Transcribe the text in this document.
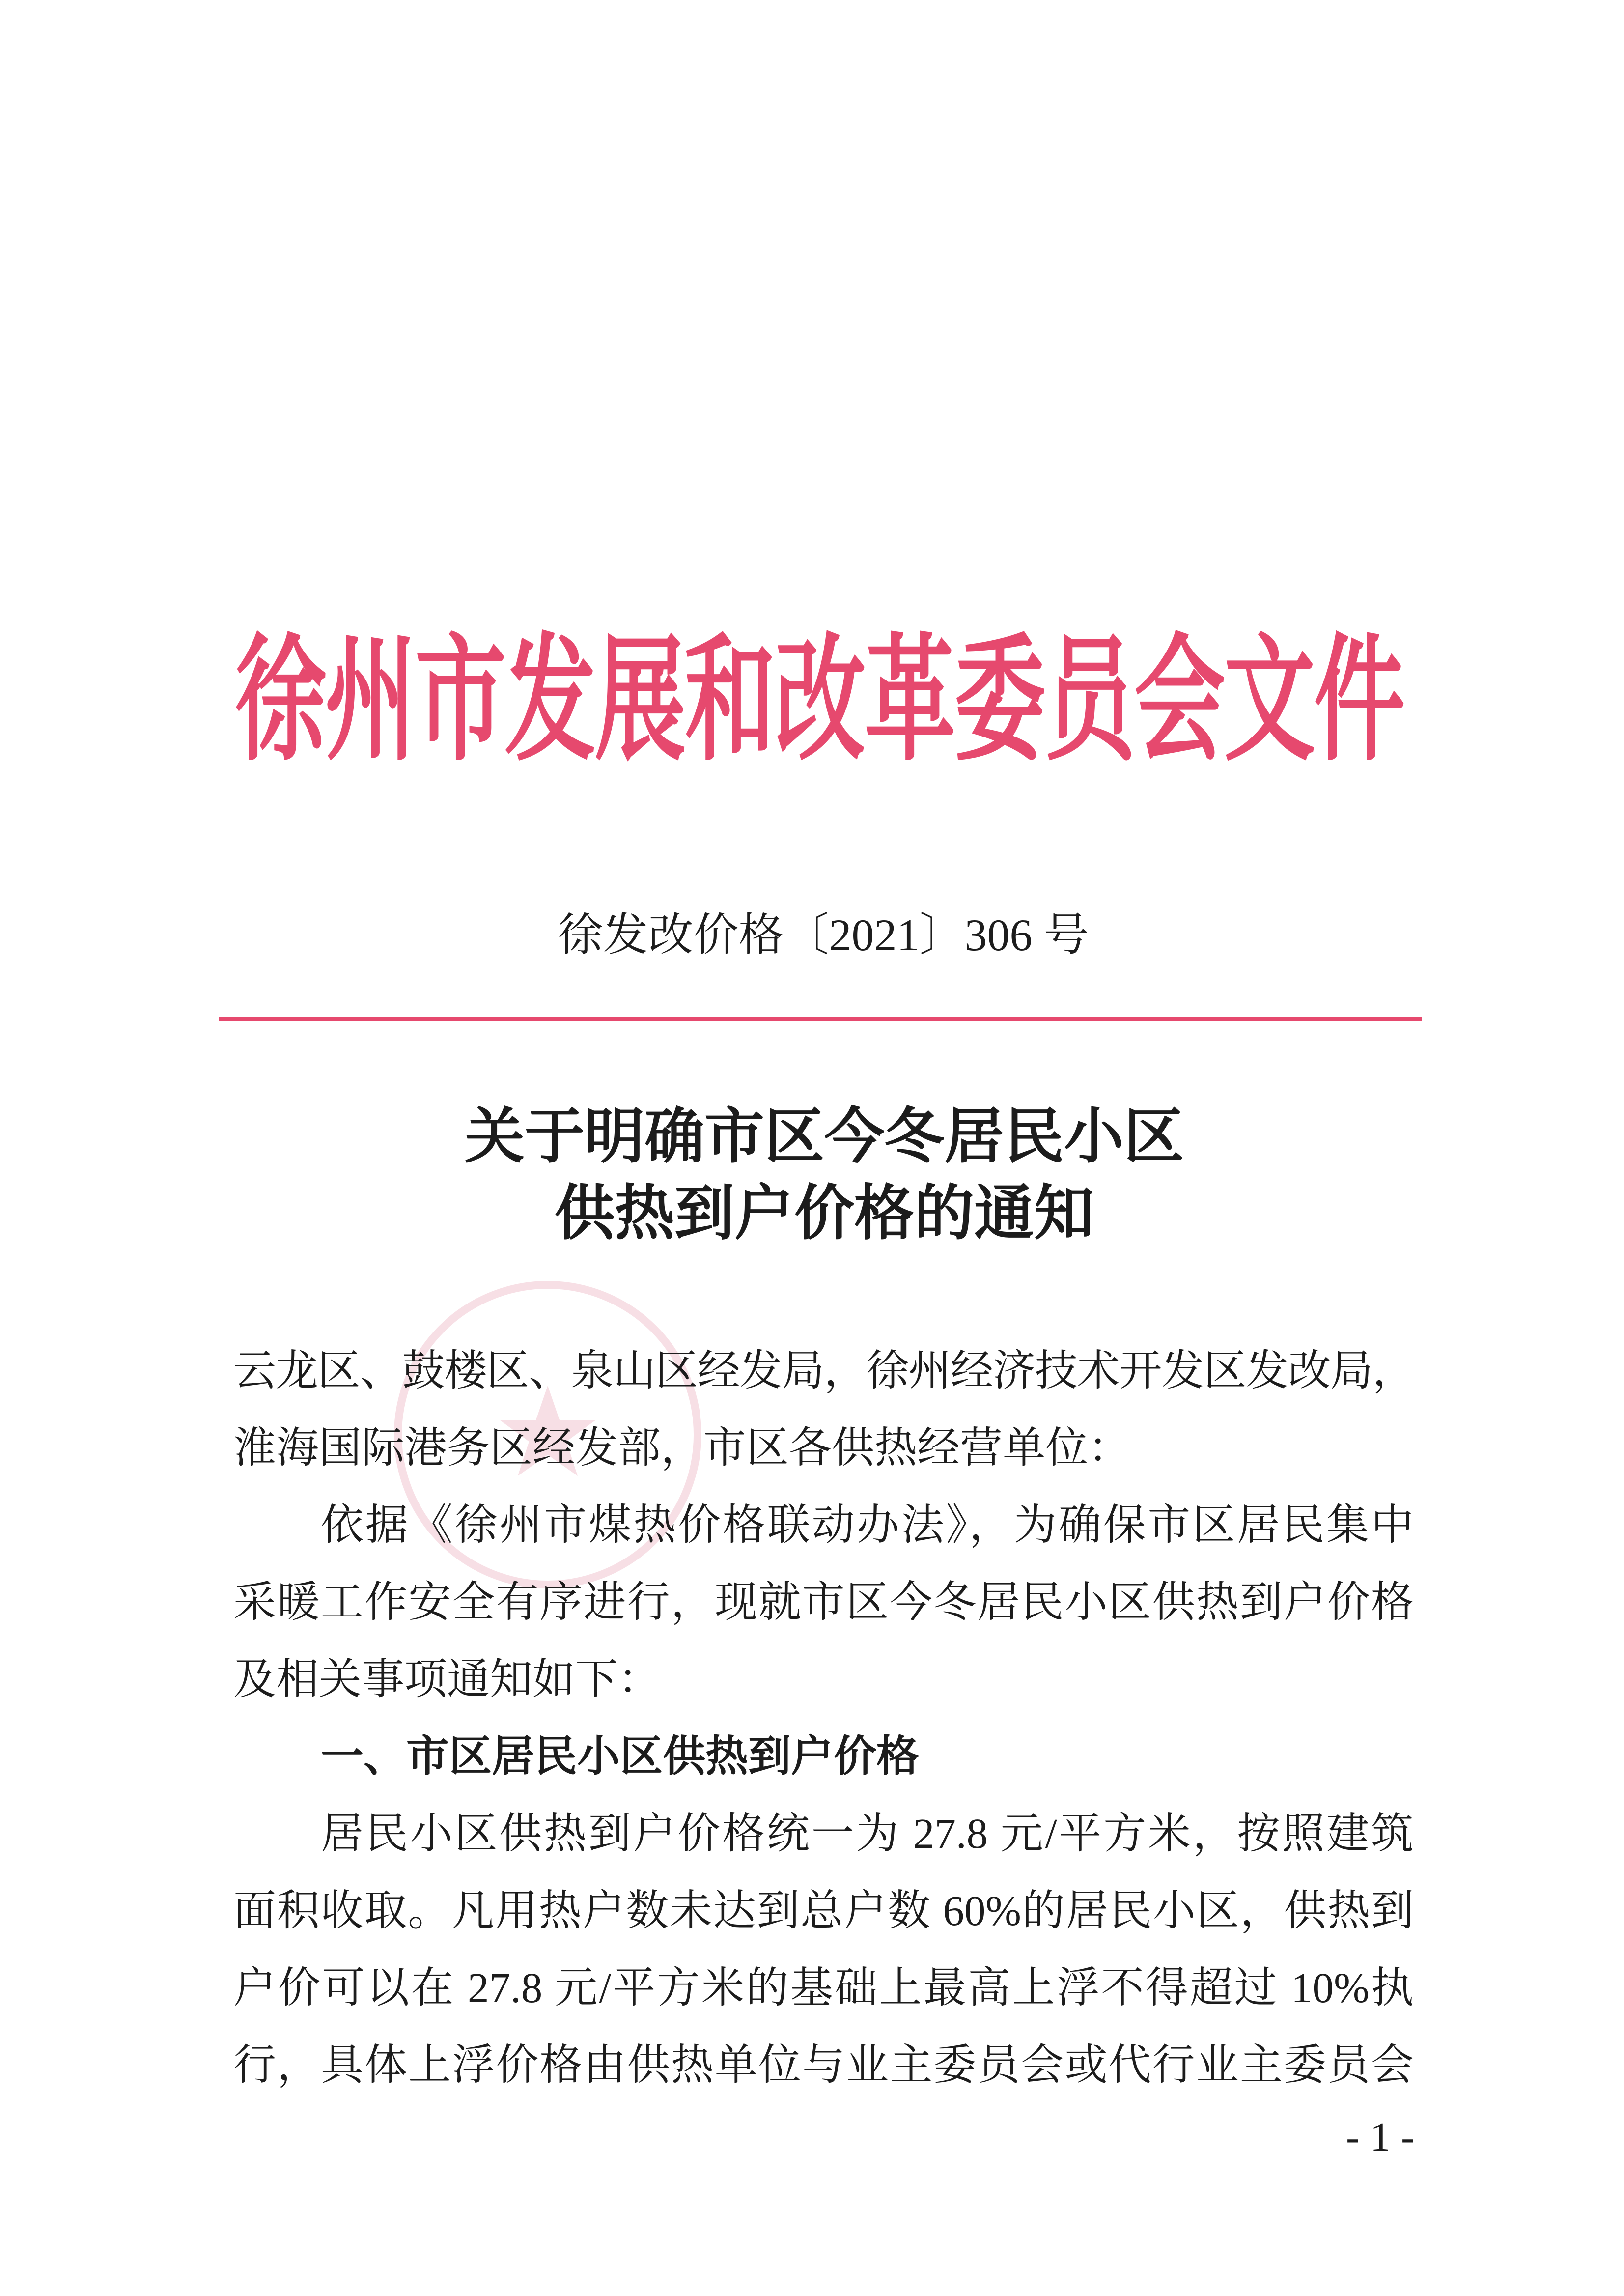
徐州市发展和改革委员会文件
徐发改价格〔2021〕306 号
关于明确市区今冬居民小区
供热到户价格的通知
云龙区、鼓楼区、泉山区经发局，徐州经济技术开发区发改局，
淮海国际港务区经发部，市区各供热经营单位：
依据《徐州市煤热价格联动办法》，为确保市区居民集中
采暖工作安全有序进行，现就市区今冬居民小区供热到户价格
及相关事项通知如下：
一、市区居民小区供热到户价格
居民小区供热到户价格统一为 27.8 元/平方米，按照建筑
面积收取。凡用热户数未达到总户数 60%的居民小区，供热到
户价可以在 27.8 元/平方米的基础上最高上浮不得超过 10%执
行，具体上浮价格由供热单位与业主委员会或代行业主委员会
- 1 -
